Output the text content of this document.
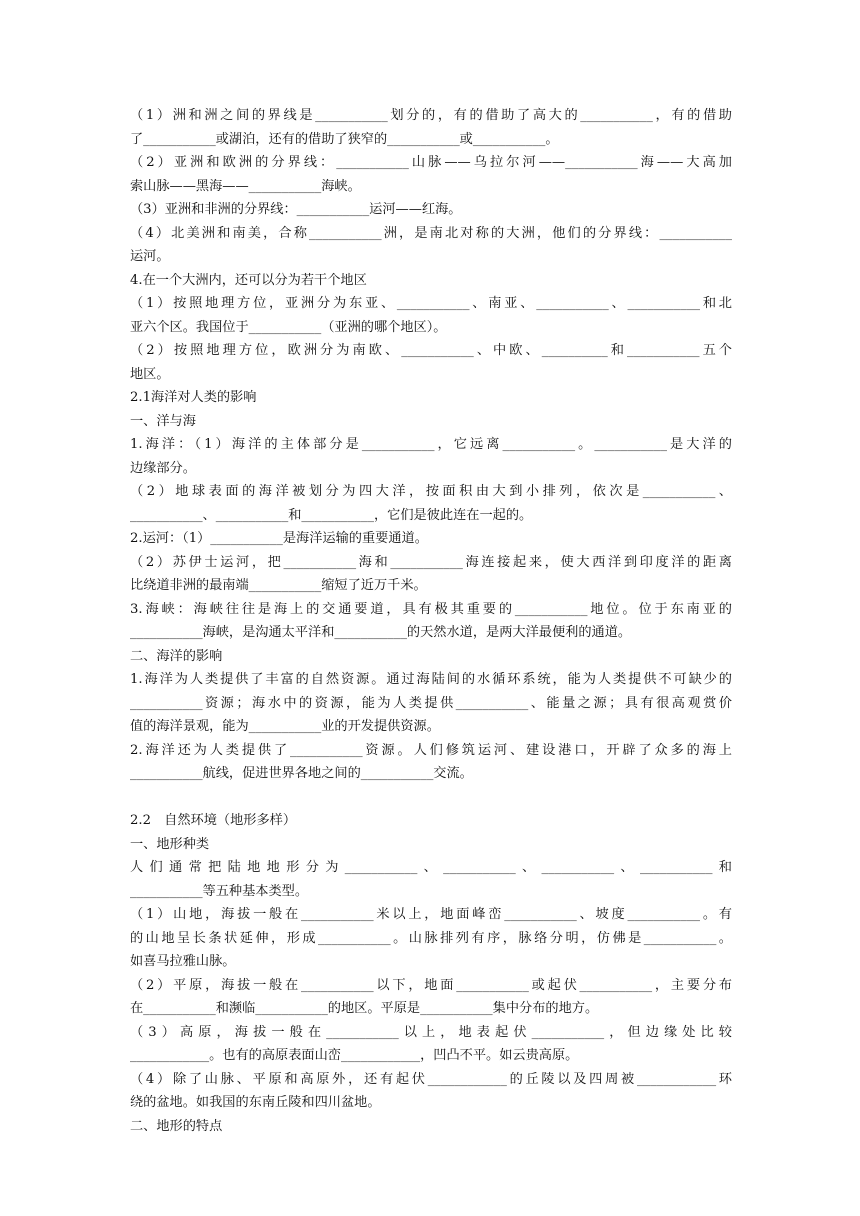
（1）洲和洲之间的界线是___________划分的，有的借助了高大的___________，有的借助
了___________或湖泊，还有的借助了狭窄的___________或___________。
（2）亚洲和欧洲的分界线：___________山脉——乌拉尔河——___________海——大高加
索山脉——黑海——___________海峡。
（3）亚洲和非洲的分界线：___________运河——红海。
（4）北美洲和南美，合称___________洲，是南北对称的大洲，他们的分界线：___________
运河。
4.在一个大洲内，还可以分为若干个地区
（1）按照地理方位，亚洲分为东亚、___________、南亚、___________、___________和北
亚六个区。我国位于___________（亚洲的哪个地区）。
（2）按照地理方位，欧洲分为南欧、___________、中欧、__________和___________五个
地区。
2.1海洋对人类的影响
一、洋与海
1.海洋：（1）海洋的主体部分是___________，它远离___________。___________是大洋的
边缘部分。
（2）地球表面的海洋被划分为四大洋，按面积由大到小排列，依次是___________、
___________、___________和___________，它们是彼此连在一起的。
2.运河：（1）___________是海洋运输的重要通道。
（2）苏伊士运河，把___________海和___________海连接起来，使大西洋到印度洋的距离
比绕道非洲的最南端___________缩短了近万千米。
3.海峡：海峡往往是海上的交通要道，具有极其重要的___________地位。位于东南亚的
___________海峡，是沟通太平洋和___________的天然水道，是两大洋最便利的通道。
二、海洋的影响
1.海洋为人类提供了丰富的自然资源。通过海陆间的水循环系统，能为人类提供不可缺少的
___________资源；海水中的资源，能为人类提供___________、能量之源；具有很高观赏价
值的海洋景观，能为___________业的开发提供资源。
2.海洋还为人类提供了___________资源。人们修筑运河、建设港口，开辟了众多的海上
___________航线，促进世界各地之间的___________交流。
2.2　自然环境（地形多样）
一、地形种类
人们通常把陆地地形分为___________、___________、___________、___________和
___________等五种基本类型。
（1）山地，海拔一般在___________米以上，地面峰峦___________、坡度___________。有
的山地呈长条状延伸，形成___________。山脉排列有序，脉络分明，仿佛是___________。
如喜马拉雅山脉。
（2）平原，海拔一般在___________以下，地面___________或起伏___________，主要分布
在___________和濒临___________的地区。平原是___________集中分布的地方。
（3）高原，海拔一般在___________以上，地表起伏___________，但边缘处比较
____________。也有的高原表面山峦____________，凹凸不平。如云贵高原。
（4）除了山脉、平原和高原外，还有起伏____________的丘陵以及四周被____________环
绕的盆地。如我国的东南丘陵和四川盆地。
二、地形的特点
